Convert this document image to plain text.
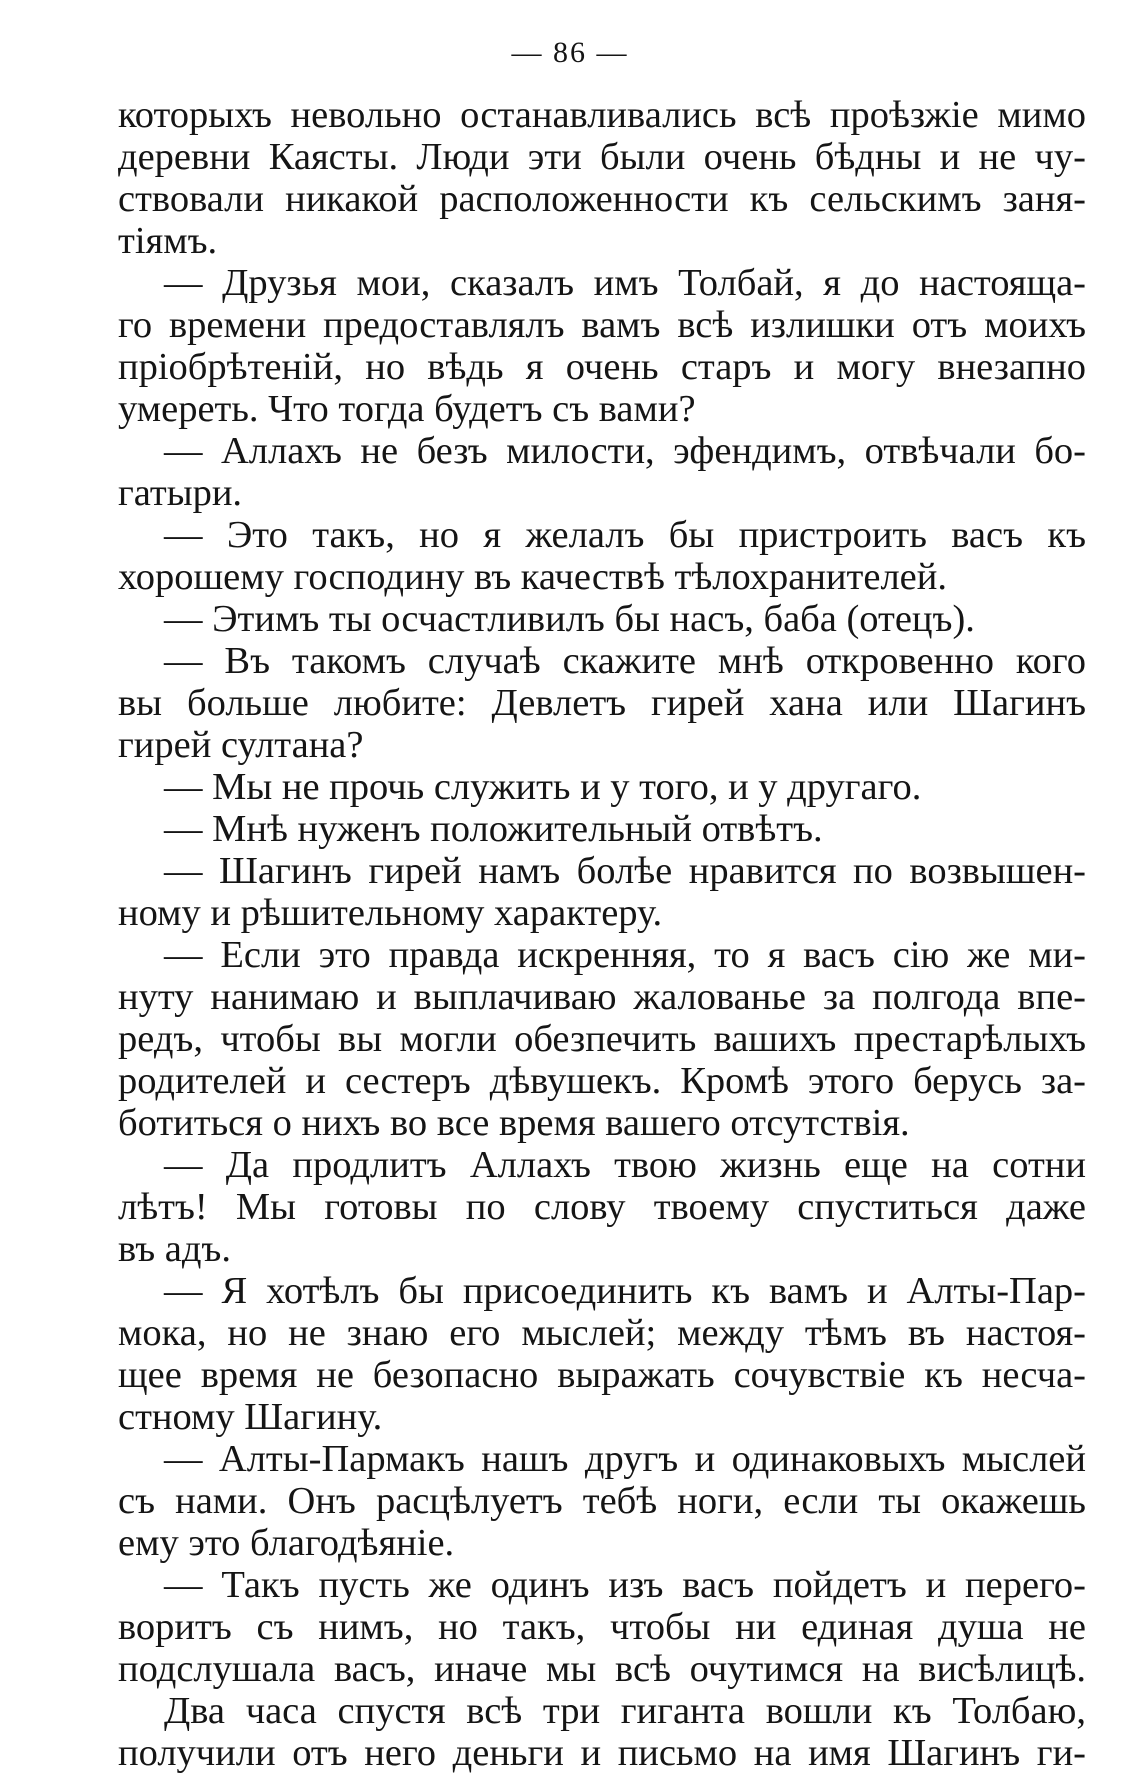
— 86 —
которыхъ невольно останавливались всѣ проѣзжіе мимо
деревни Каясты. Люди эти были очень бѣдны и не чу-
ствовали никакой расположенности къ сельскимъ заня-
тіямъ.
— Друзья мои, сказалъ имъ Толбай, я до настояща-
го времени предоставлялъ вамъ всѣ излишки отъ моихъ
пріобрѣтеній, но вѣдь я очень старъ и могу внезапно
умереть. Что тогда будетъ съ вами?
— Аллахъ не безъ милости, эфендимъ, отвѣчали бо-
гатыри.
— Это такъ, но я желалъ бы пристроить васъ къ
хорошему господину въ качествѣ тѣлохранителей.
— Этимъ ты осчастливилъ бы насъ, баба (отецъ).
— Въ такомъ случаѣ скажите мнѣ откровенно кого
вы больше любите: Девлетъ гирей хана или Шагинъ
гирей султана?
— Мы не прочь служить и у того, и у другаго.
— Мнѣ нуженъ положительный отвѣтъ.
— Шагинъ гирей намъ болѣе нравится по возвышен-
ному и рѣшительному характеру.
— Если это правда искренняя, то я васъ сію же ми-
нуту нанимаю и выплачиваю жалованье за полгода впе-
редъ, чтобы вы могли обезпечить вашихъ престарѣлыхъ
родителей и сестеръ дѣвушекъ. Кромѣ этого берусь за-
ботиться о нихъ во все время вашего отсутствія.
— Да продлитъ Аллахъ твою жизнь еще на сотни
лѣтъ! Мы готовы по слову твоему спуститься даже
въ адъ.
— Я хотѣлъ бы присоединить къ вамъ и Алты-Пар-
мока, но не знаю его мыслей; между тѣмъ въ настоя-
щее время не безопасно выражать сочувствіе къ несча-
стному Шагину.
— Алты-Пармакъ нашъ другъ и одинаковыхъ мыслей
съ нами. Онъ расцѣлуетъ тебѣ ноги, если ты окажешь
ему это благодѣяніе.
— Такъ пусть же одинъ изъ васъ пойдетъ и перего-
воритъ съ нимъ, но такъ, чтобы ни единая душа не
подслушала васъ, иначе мы всѣ очутимся на висѣлицѣ.
Два часа спустя всѣ три гиганта вошли къ Толбаю,
получили отъ него деньги и письмо на имя Шагинъ ги-
